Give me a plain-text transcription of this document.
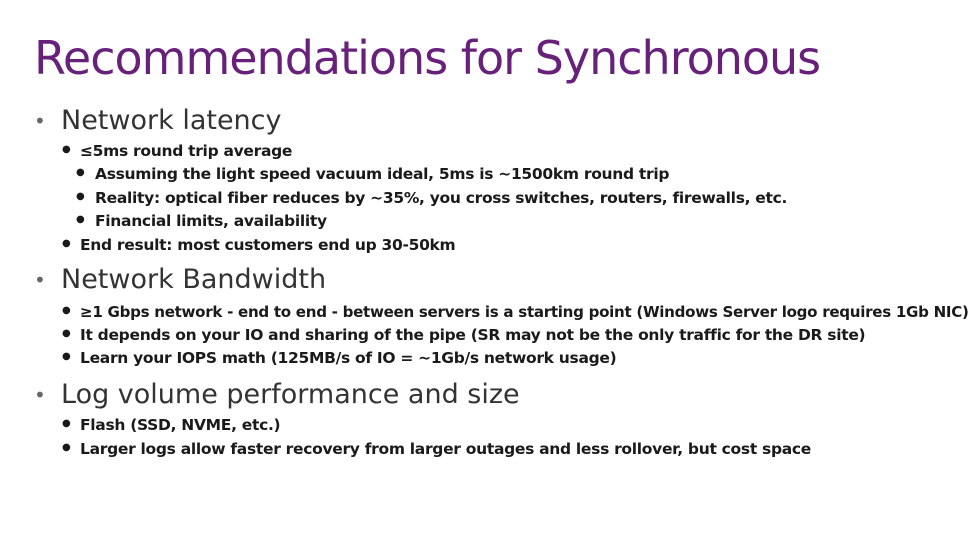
Recommendations for Synchronous
• Network latency
● ≤5ms round trip average
● Assuming the light speed vacuum ideal, 5ms is ~1500km round trip
● Reality: optical fiber reduces by ~35%, you cross switches, routers, firewalls, etc.
● Financial limits, availability
● End result: most customers end up 30-50km
• Network Bandwidth
● ≥1 Gbps network - end to end - between servers is a starting point (Windows Server logo requires 1Gb NIC)
● It depends on your IO and sharing of the pipe (SR may not be the only traffic for the DR site)
● Learn your IOPS math (125MB/s of IO = ~1Gb/s network usage)
• Log volume performance and size
● Flash (SSD, NVME, etc.)
● Larger logs allow faster recovery from larger outages and less rollover, but cost space
